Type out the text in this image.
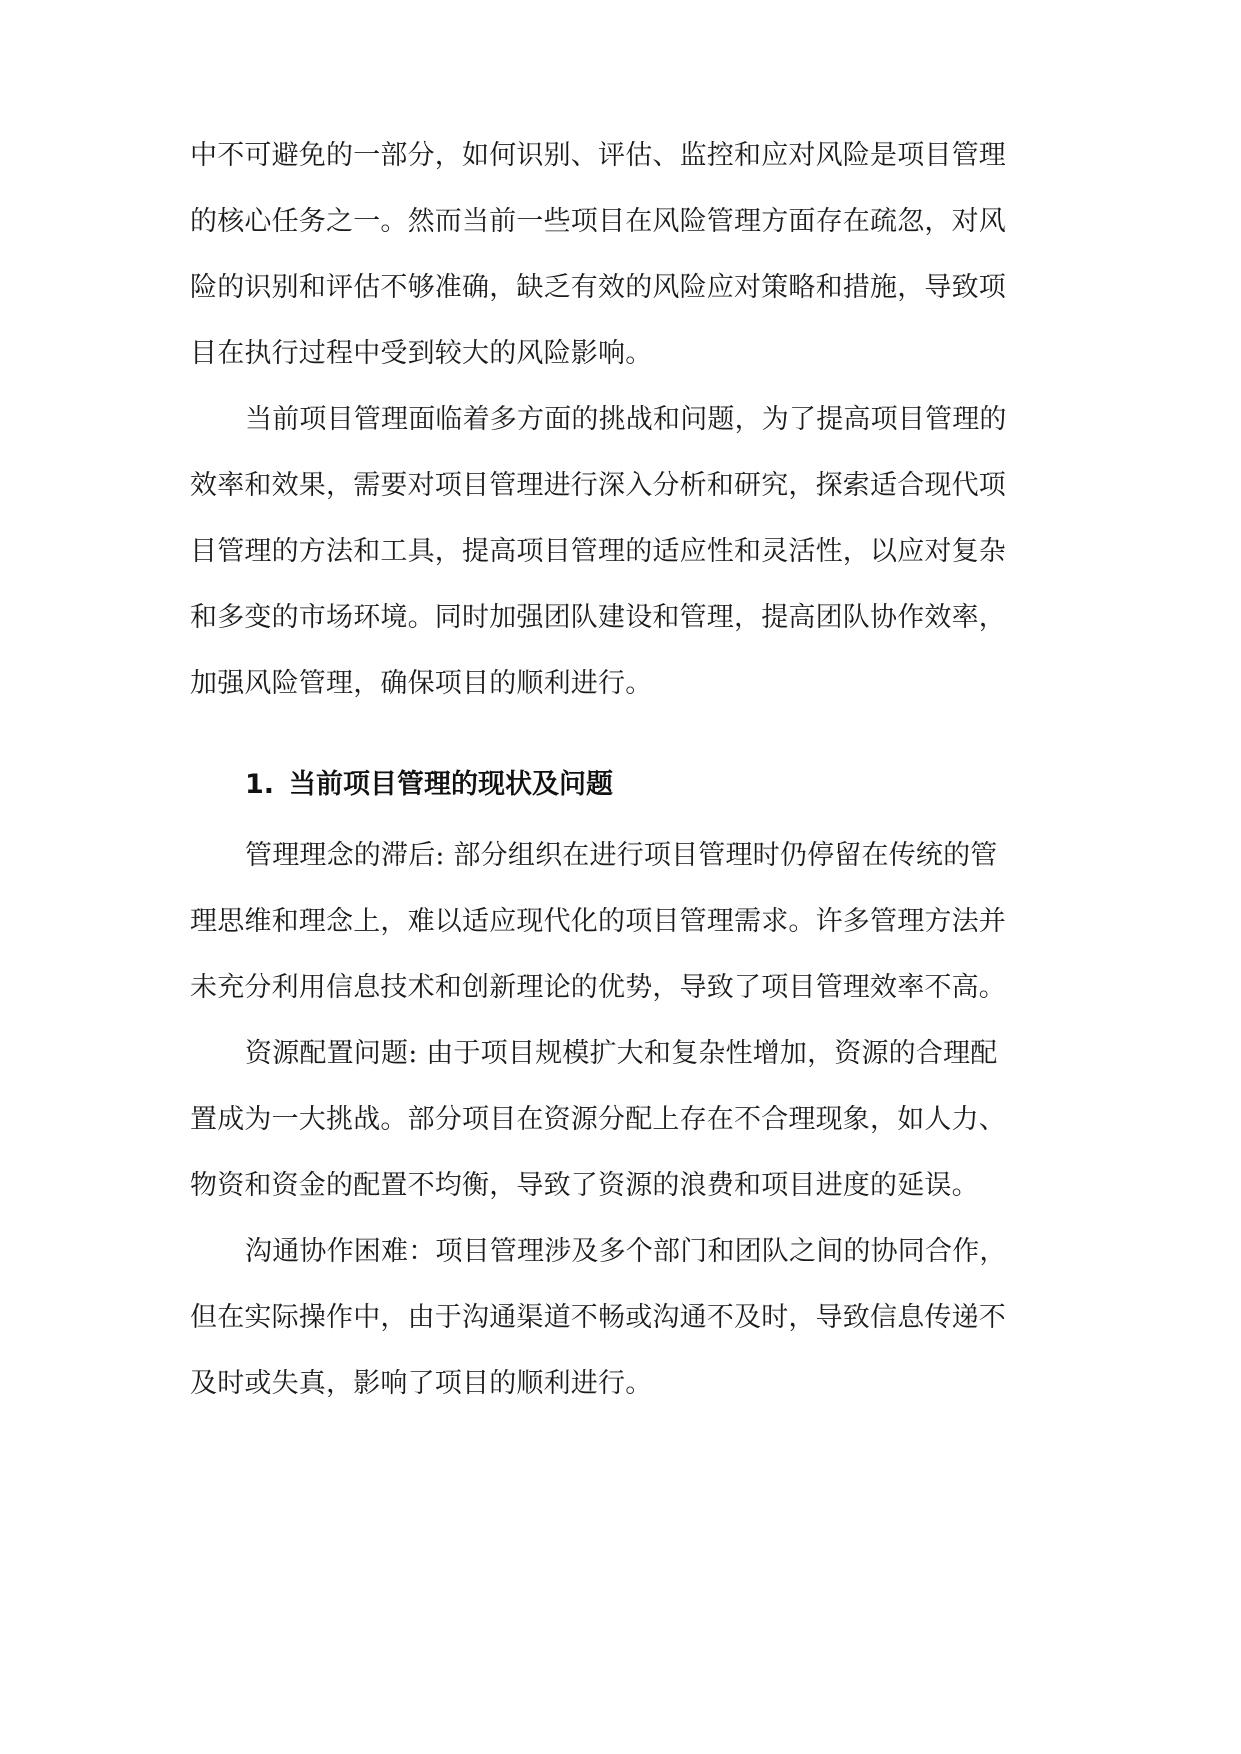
中不可避免的一部分，如何识别、评估、监控和应对风险是项目管理

的核心任务之一。然而当前一些项目在风险管理方面存在疏忽，对风

险的识别和评估不够准确，缺乏有效的风险应对策略和措施，导致项

目在执行过程中受到较大的风险影响。

当前项目管理面临着多方面的挑战和问题，为了提高项目管理的

效率和效果，需要对项目管理进行深入分析和研究，探索适合现代项

目管理的方法和工具，提高项目管理的适应性和灵活性，以应对复杂

和多变的市场环境。同时加强团队建设和管理，提高团队协作效率，

加强风险管理，确保项目的顺利进行。

1. 当前项目管理的现状及问题

管理理念的滞后: 部分组织在进行项目管理时仍停留在传统的管

理思维和理念上，难以适应现代化的项目管理需求。许多管理方法并

未充分利用信息技术和创新理论的优势，导致了项目管理效率不高。

资源配置问题: 由于项目规模扩大和复杂性增加，资源的合理配

置成为一大挑战。部分项目在资源分配上存在不合理现象，如人力、

物资和资金的配置不均衡，导致了资源的浪费和项目进度的延误。

沟通协作困难：项目管理涉及多个部门和团队之间的协同合作，

但在实际操作中，由于沟通渠道不畅或沟通不及时，导致信息传递不

及时或失真，影响了项目的顺利进行。
